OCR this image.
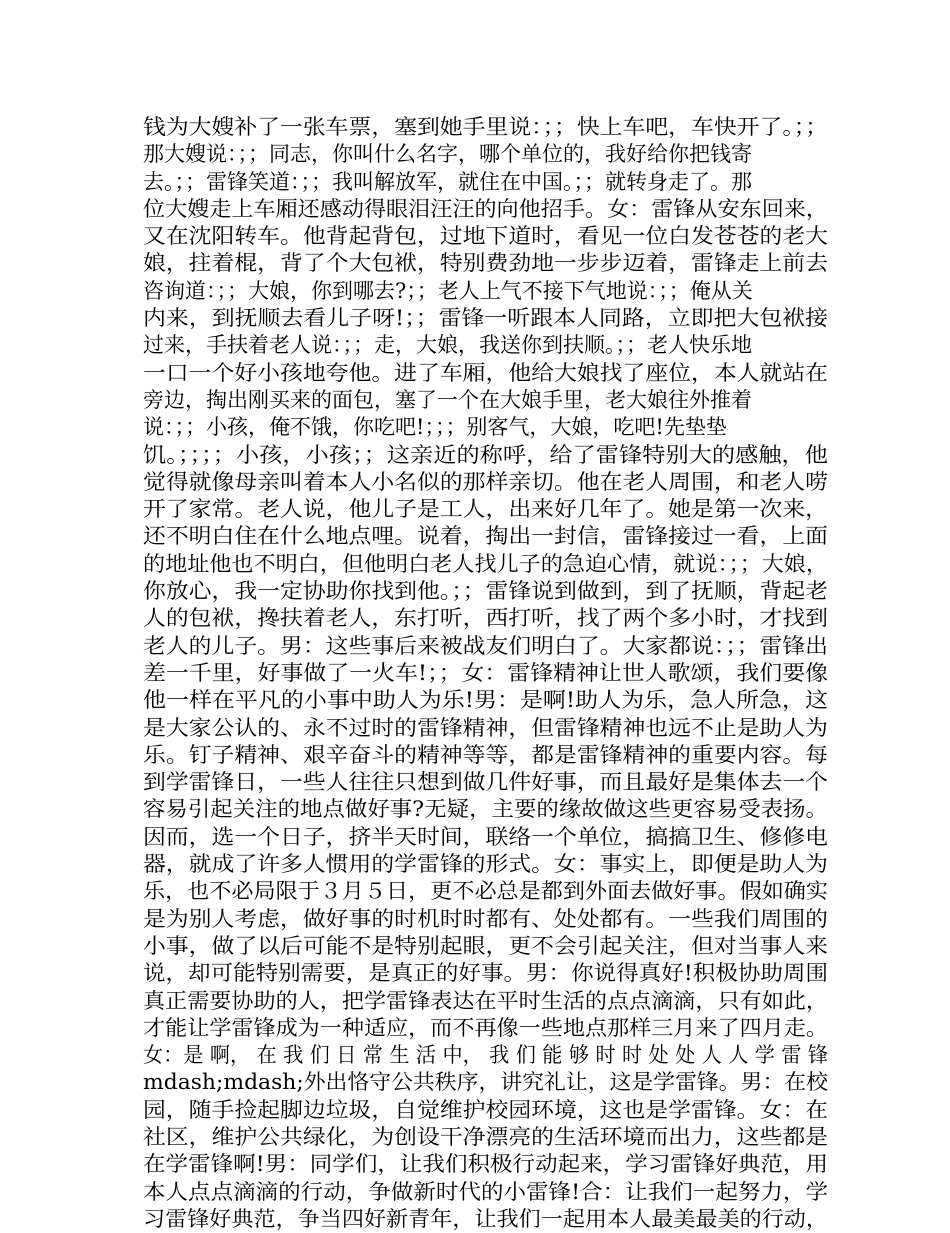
钱为大嫂补了一张车票，塞到她手里说：；；快上车吧，车快开了。；；
那大嫂说：；；同志，你叫什么名字，哪个单位的，我好给你把钱寄
去。；；雷锋笑道：；；我叫解放军，就住在中国。；；就转身走了。那
位大嫂走上车厢还感动得眼泪汪汪的向他招手。女：雷锋从安东回来，
又在沈阳转车。他背起背包，过地下道时，看见一位白发苍苍的老大
娘，拄着棍，背了个大包袱，特别费劲地一步步迈着，雷锋走上前去
咨询道：；；大娘，你到哪去?；；老人上气不接下气地说：；；俺从关
内来，到抚顺去看儿子呀!；；雷锋一听跟本人同路，立即把大包袱接
过来，手扶着老人说：；；走，大娘，我送你到扶顺。；；老人快乐地
一口一个好小孩地夸他。进了车厢，他给大娘找了座位，本人就站在
旁边，掏出刚买来的面包，塞了一个在大娘手里，老大娘往外推着
说：；；小孩，俺不饿，你吃吧!；；；别客气，大娘，吃吧!先垫垫
饥。；；；；小孩，小孩；；这亲近的称呼，给了雷锋特别大的感触，他
觉得就像母亲叫着本人小名似的那样亲切。他在老人周围，和老人唠
开了家常。老人说，他儿子是工人，出来好几年了。她是第一次来，
还不明白住在什么地点哩。说着，掏出一封信，雷锋接过一看，上面
的地址他也不明白，但他明白老人找儿子的急迫心情，就说：；；大娘，
你放心，我一定协助你找到他。；；雷锋说到做到，到了抚顺，背起老
人的包袱，搀扶着老人，东打听，西打听，找了两个多小时，才找到
老人的儿子。男：这些事后来被战友们明白了。大家都说：；；雷锋出
差一千里，好事做了一火车!；；女：雷锋精神让世人歌颂，我们要像
他一样在平凡的小事中助人为乐!男：是啊!助人为乐，急人所急，这
是大家公认的、永不过时的雷锋精神，但雷锋精神也远不止是助人为
乐。钉子精神、艰辛奋斗的精神等等，都是雷锋精神的重要内容。每
到学雷锋日，一些人往往只想到做几件好事，而且最好是集体去一个
容易引起关注的地点做好事?无疑，主要的缘故做这些更容易受表扬。
因而，选一个日子，挤半天时间，联络一个单位，搞搞卫生、修修电
器，就成了许多人惯用的学雷锋的形式。女：事实上，即便是助人为
乐，也不必局限于３月５日，更不必总是都到外面去做好事。假如确实
是为别人考虑，做好事的时机时时都有、处处都有。一些我们周围的
小事，做了以后可能不是特别起眼，更不会引起关注，但对当事人来
说，却可能特别需要，是真正的好事。男：你说得真好!积极协助周围
真正需要协助的人，把学雷锋表达在平时生活的点点滴滴，只有如此，
才能让学雷锋成为一种适应，而不再像一些地点那样三月来了四月走。
女：是 啊， 在 我 们 日 常 生 活 中， 我 们 能 够 时 时 处 处 人 人 学 雷 锋
mdash;mdash;外出恪守公共秩序，讲究礼让，这是学雷锋。男：在校
园，随手捡起脚边垃圾，自觉维护校园环境，这也是学雷锋。女：在
社区，维护公共绿化，为创设干净漂亮的生活环境而出力，这些都是
在学雷锋啊!男：同学们，让我们积极行动起来，学习雷锋好典范，用
本人点点滴滴的行动，争做新时代的小雷锋!合：让我们一起努力，学
习雷锋好典范，争当四好新青年，让我们一起用本人最美最美的行动，
